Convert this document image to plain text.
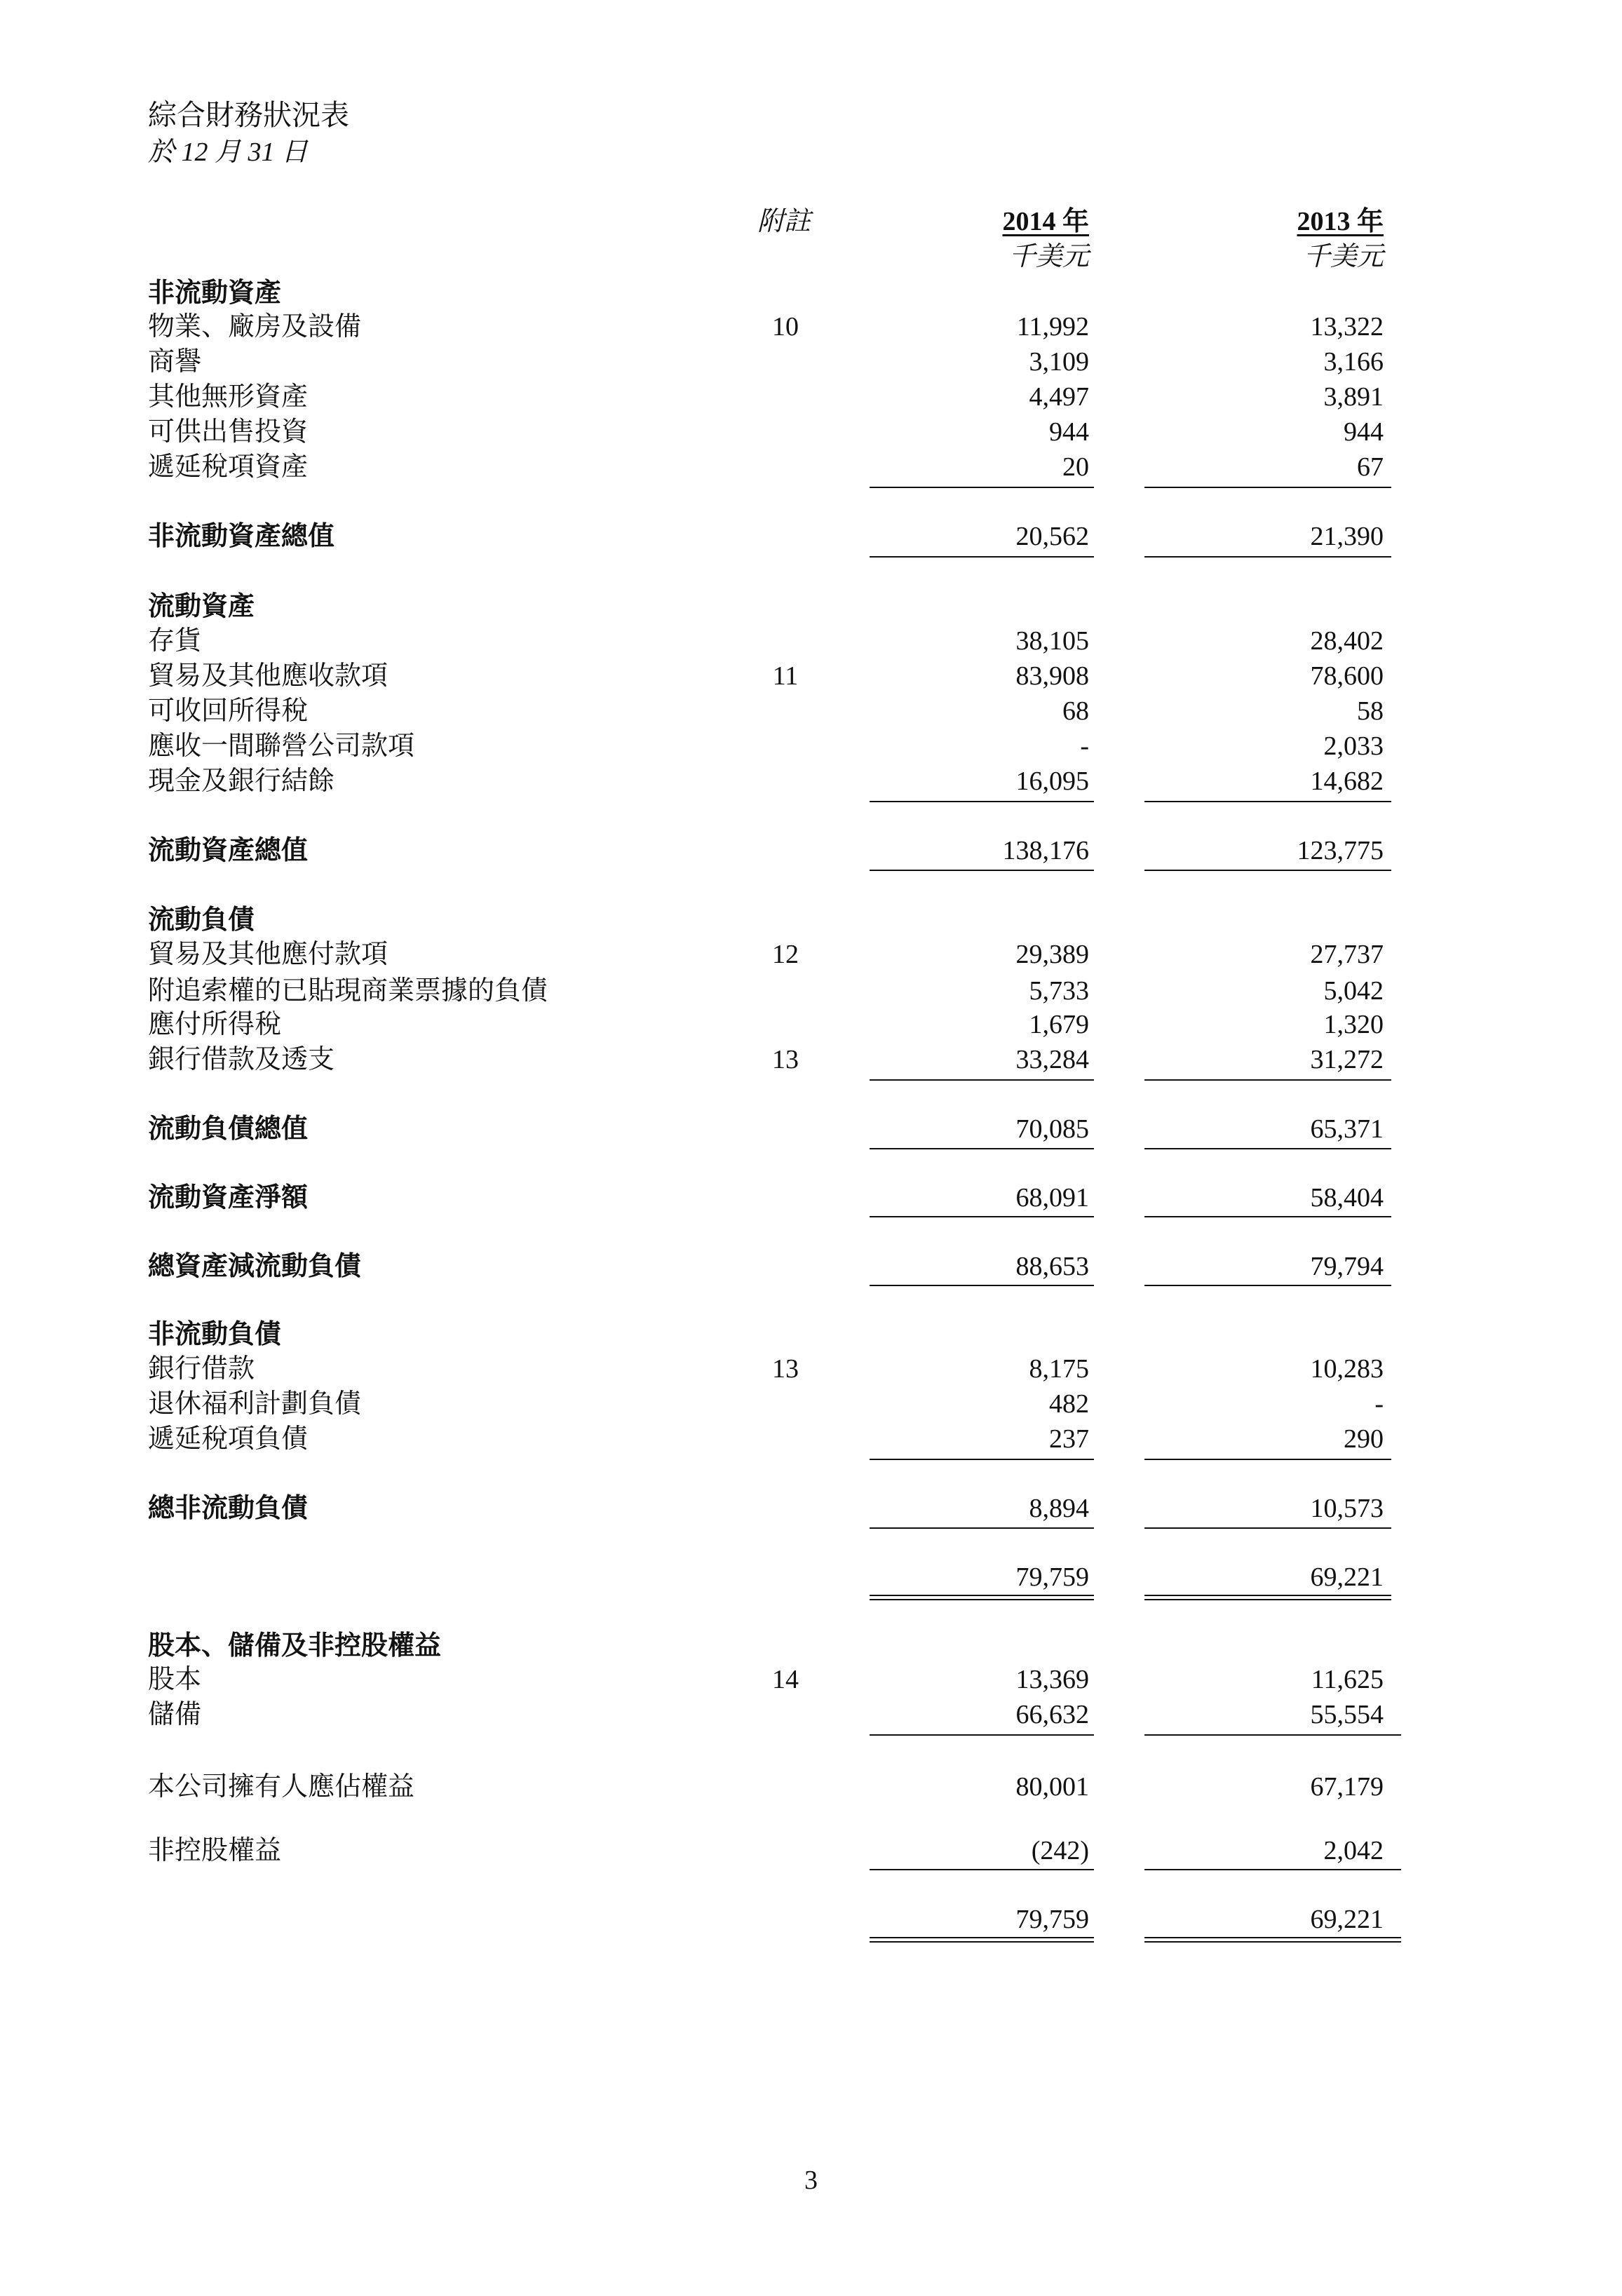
綜合財務狀況表
於 12 月 31 日
附註	2014 年	2013 年
千美元	千美元
非流動資產
物業、廠房及設備	10	11,992	13,322
商譽	3,109	3,166
其他無形資產	4,497	3,891
可供出售投資	944	944
遞延稅項資產	20	67
非流動資產總值	20,562	21,390
流動資產
存貨	38,105	28,402
貿易及其他應收款項	11	83,908	78,600
可收回所得稅	68	58
應收一間聯營公司款項	-	2,033
現金及銀行結餘	16,095	14,682
流動資產總值	138,176	123,775
流動負債
貿易及其他應付款項	12	29,389	27,737
附追索權的已貼現商業票據的負債	5,733	5,042
應付所得稅	1,679	1,320
銀行借款及透支	13	33,284	31,272
流動負債總值	70,085	65,371
流動資產淨額	68,091	58,404
總資產減流動負債	88,653	79,794
非流動負債
銀行借款	13	8,175	10,283
退休福利計劃負債	482	-
遞延稅項負債	237	290
總非流動負債	8,894	10,573
79,759	69,221
股本、儲備及非控股權益
股本	14	13,369	11,625
儲備	66,632	55,554
本公司擁有人應佔權益	80,001	67,179
非控股權益	(242)	2,042
79,759	69,221
3
